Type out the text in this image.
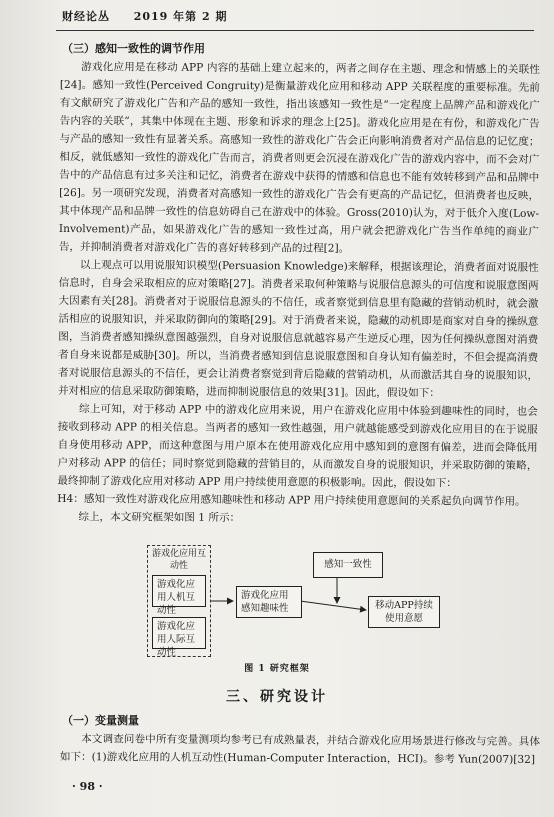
财经论丛 2019 年第 2 期
（三）感知一致性的调节作用

游戏化应用是在移动 APP 内容的基础上建立起来的，两者之间存在主题、理念和情感上的关联性[24]。感知一致性(Perceived Congruity)是衡量游戏化应用和移动 APP 关联程度的重要标准。先前有文献研究了游戏化广告和产品的感知一致性，指出该感知一致性是“一定程度上品牌产品和游戏化广告内容的关联”，其集中体现在主题、形象和诉求的理念上[25]。游戏化应用是在有份，和游戏化广告与产品的感知一致性有显著关系。高感知一致性的游戏化广告会正向影响消费者对产品信息的记忆度；相反，就低感知一致性的游戏化广告而言，消费者则更会沉浸在游戏化广告的游戏内容中，而不会对广告中的产品信息有过多关注和记忆，消费者在游戏中获得的情感和信息也不能有效转移到产品和品牌中[26]。另一项研究发现，消费者对高感知一致性的游戏化广告会有更高的产品记忆，但消费者也反映，其中体现产品和品牌一致性的信息妨碍自己在游戏中的体验。Gross(2010)认为，对于低介入度(Low-Involvement)产品，如果游戏化广告的感知一致性过高，用户就会把游戏化广告当作单纯的商业广告，并抑制消费者对游戏化广告的喜好转移到产品的过程[2]。

以上观点可以用说服知识模型(Persuasion Knowledge)来解释，根据该理论，消费者面对说服性信息时，自身会采取相应的应对策略[27]。消费者采取何种策略与说服信息源头的可信度和说服意图两大因素有关[28]。消费者对于说服信息源头的不信任，或者察觉到信息里有隐藏的营销动机时，就会激活相应的说服知识，并采取防御向的策略[29]。对于消费者来说，隐藏的动机即是商家对自身的操纵意图，当消费者感知操纵意图越强烈，自身对说服信息就越容易产生逆反心理，因为任何操纵意图对消费者自身来说都是威胁[30]。所以，当消费者感知到信息说服意图和自身认知有偏差时，不但会提高消费者对说服信息源头的不信任，更会让消费者察觉到背后隐藏的营销动机，从而激活其自身的说服知识，并对相应的信息采取防御策略，进而抑制说服信息的效果[31]。因此，假设如下：

综上可知，对于移动 APP 中的游戏化应用来说，用户在游戏化应用中体验到趣味性的同时，也会接收到移动 APP 的相关信息。当两者的感知一致性越强，用户就越能感受到游戏化应用目的在于说服自身使用移动 APP，而这种意图与用户原本在使用游戏化应用中感知到的意图有偏差，进而会降低用户对移动 APP 的信任；同时察觉到隐藏的营销目的，从而激发自身的说服知识，并采取防御的策略，最终抑制了游戏化应用对移动 APP 用户持续使用意愿的积极影响。因此，假设如下：

H4：感知一致性对游戏化应用感知趣味性和移动 APP 用户持续使用意愿间的关系起负向调节作用。

综上，本文研究框架如图 1 所示：

游戏化应用互动性
游戏化应用人机互动性
游戏化应用人际互动性
游戏化应用感知趣味性
感知一致性
移动APP持续使用意愿
图 1 研究框架
三、研究设计
（一）变量测量

本文调查问卷中所有变量测项均参考已有成熟量表，并结合游戏化应用场景进行修改与完善。具体如下：(1)游戏化应用的人机互动性(Human-Computer Interaction，HCI)。参考 Yun(2007)[32]

· 98 ·
